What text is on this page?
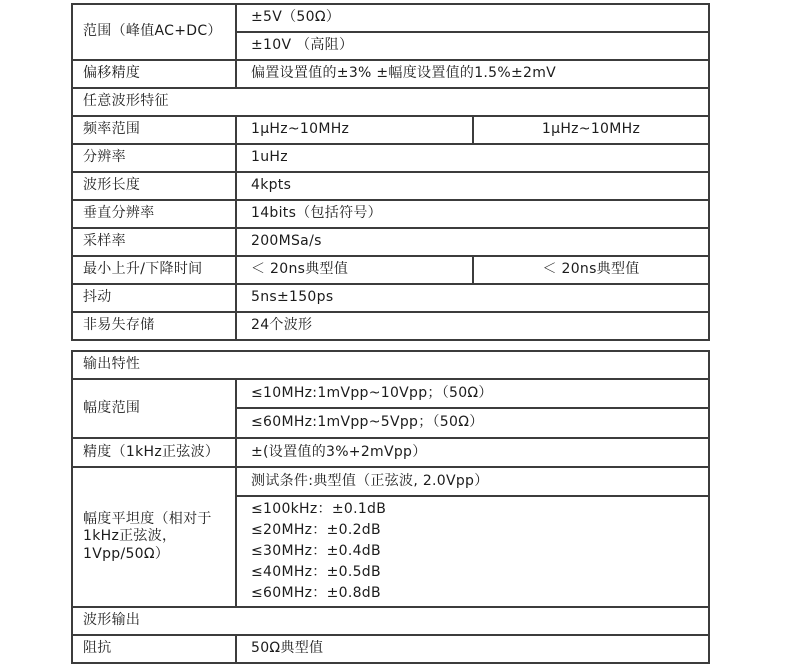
范围（峰值AC+DC）	±5V（50Ω）	
	±10V （高阻）	
偏移精度	偏置设置值的±3% ±幅度设置值的1.5%±2mV	
任意波形特征		
频率范围	1μHz~10MHz	1μHz~10MHz
分辨率	1uHz	
波形长度	4kpts	
垂直分辨率	14bits（包括符号）	
采样率	200MSa/s	
最小上升/下降时间	＜ 20ns典型值	＜ 20ns典型值
抖动	5ns±150ps	
非易失存储	24个波形	
输出特性	
幅度范围	≤10MHz:1mVpp~10Vpp；（50Ω）
	≤60MHz:1mVpp~5Vpp；（50Ω）
精度（1kHz正弦波）	±(设置值的3%+2mVpp）
幅度平坦度（相对于1kHz正弦波，1Vpp/50Ω）	测试条件:典型值（正弦波, 2.0Vpp）

	≤100kHz：±0.1dB
≤20MHz：±0.2dB
≤30MHz：±0.4dB
≤40MHz：±0.5dB
≤60MHz：±0.8dB

波形输出	
阻抗	50Ω典型值
